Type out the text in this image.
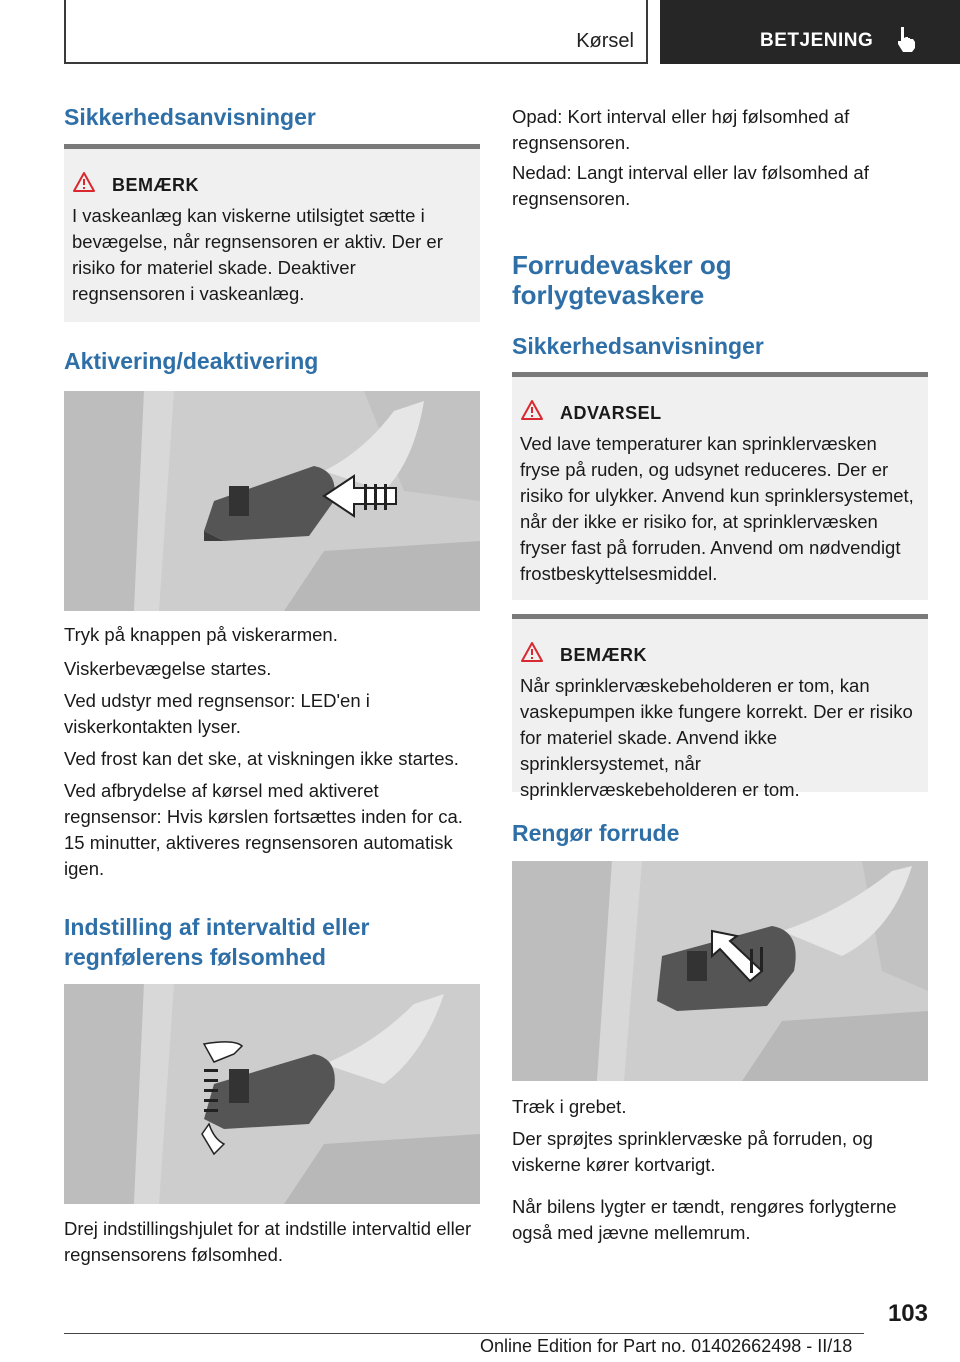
Kørsel	BETJENING
Sikkerhedsanvisninger
BEMÆRK
I vaskeanlæg kan viskerne utilsigtet sætte i bevægelse, når regnsensoren er aktiv. Der er risiko for materiel skade. Deaktiver regnsensoren i vaskeanlæg.
Aktivering/deaktivering
Tryk på knappen på viskerarmen.
Viskerbevægelse startes.
Ved udstyr med regnsensor: LED'en i viskerkontakten lyser.
Ved frost kan det ske, at viskningen ikke startes.
Ved afbrydelse af kørsel med aktiveret regnsensor: Hvis kørslen fortsættes inden for ca. 15 minutter, aktiveres regnsensoren automatisk igen.
Indstilling af intervaltid eller regnfølerens følsomhed
Drej indstillingshjulet for at indstille intervaltid eller regnsensorens følsomhed.
Opad: Kort interval eller høj følsomhed af regnsensoren.
Nedad: Langt interval eller lav følsomhed af regnsensoren.
Forrudevasker og forlygtevaskere
Sikkerhedsanvisninger
ADVARSEL
Ved lave temperaturer kan sprinklervæsken fryse på ruden, og udsynet reduceres. Der er risiko for ulykker. Anvend kun sprinklersystemet, når der ikke er risiko for, at sprinklervæsken fryser fast på forruden. Anvend om nødvendigt frostbeskyttelsesmiddel.
BEMÆRK
Når sprinklervæskebeholderen er tom, kan vaskepumpen ikke fungere korrekt. Der er risiko for materiel skade. Anvend ikke sprinklersystemet, når sprinklervæskebeholderen er tom.
Rengør forrude
Træk i grebet.
Der sprøjtes sprinklervæske på forruden, og viskerne kører kortvarigt.
Når bilens lygter er tændt, rengøres forlygterne også med jævne mellemrum.
103
Online Edition for Part no. 01402662498 - II/18
